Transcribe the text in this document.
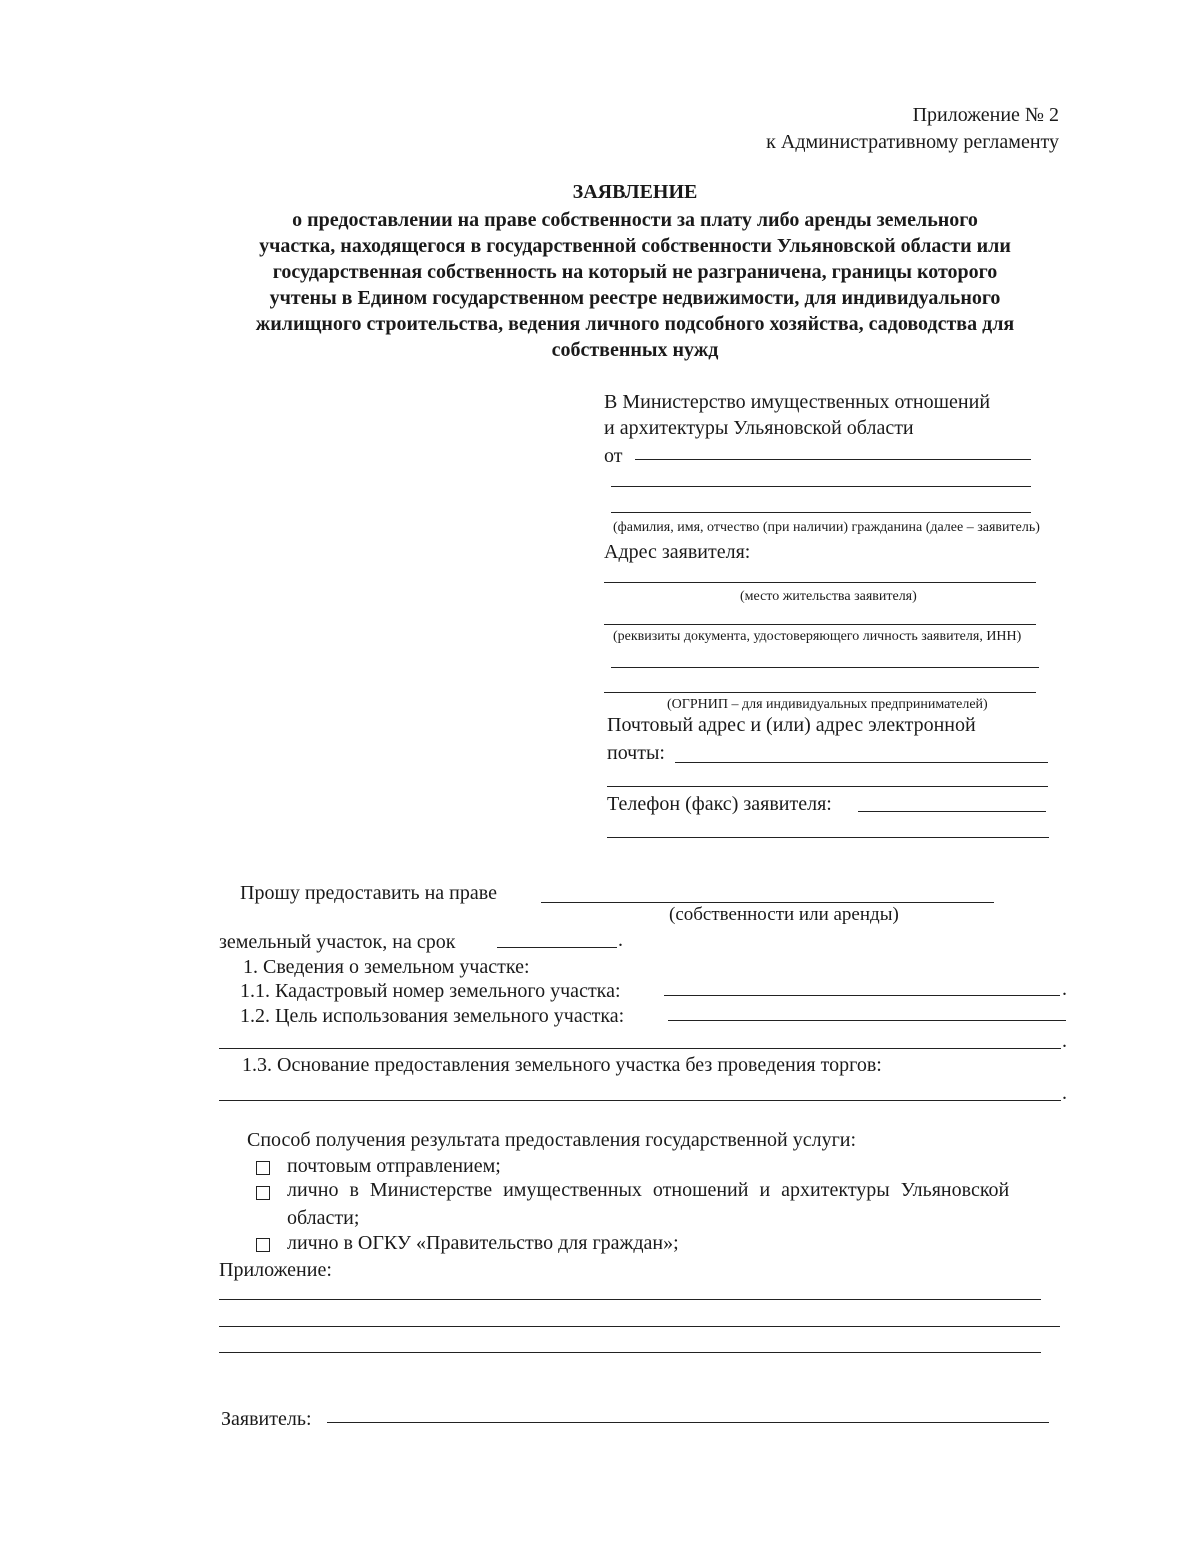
Приложение № 2
к Административному регламенту
ЗАЯВЛЕНИЕ
о предоставлении на праве собственности за плату либо аренды земельного
участка, находящегося в государственной собственности Ульяновской области или
государственная собственность на который не разграничена, границы которого
учтены в Едином государственном реестре недвижимости, для индивидуального
жилищного строительства, ведения личного подсобного хозяйства, садоводства для
собственных нужд
В Министерство имущественных отношений
и архитектуры Ульяновской области
от
(фамилия, имя, отчество (при наличии) гражданина (далее – заявитель)
Адрес заявителя:
(место жительства заявителя)
(реквизиты документа, удостоверяющего личность заявителя, ИНН)
(ОГРНИП – для индивидуальных предпринимателей)
Почтовый адрес и (или) адрес электронной
почты:
Телефон (факс) заявителя:
Прошу предоставить на праве
(собственности или аренды)
земельный участок, на срок	.
1. Сведения о земельном участке:
1.1. Кадастровый номер земельного участка:	.
1.2. Цель использования земельного участка:
.
1.3. Основание предоставления земельного участка без проведения торгов:
.
Способ получения результата предоставления государственной услуги:
почтовым отправлением;
лично в Министерстве имущественных отношений и архитектуры Ульяновской
области;
лично в ОГКУ «Правительство для граждан»;
Приложение:
Заявитель:
